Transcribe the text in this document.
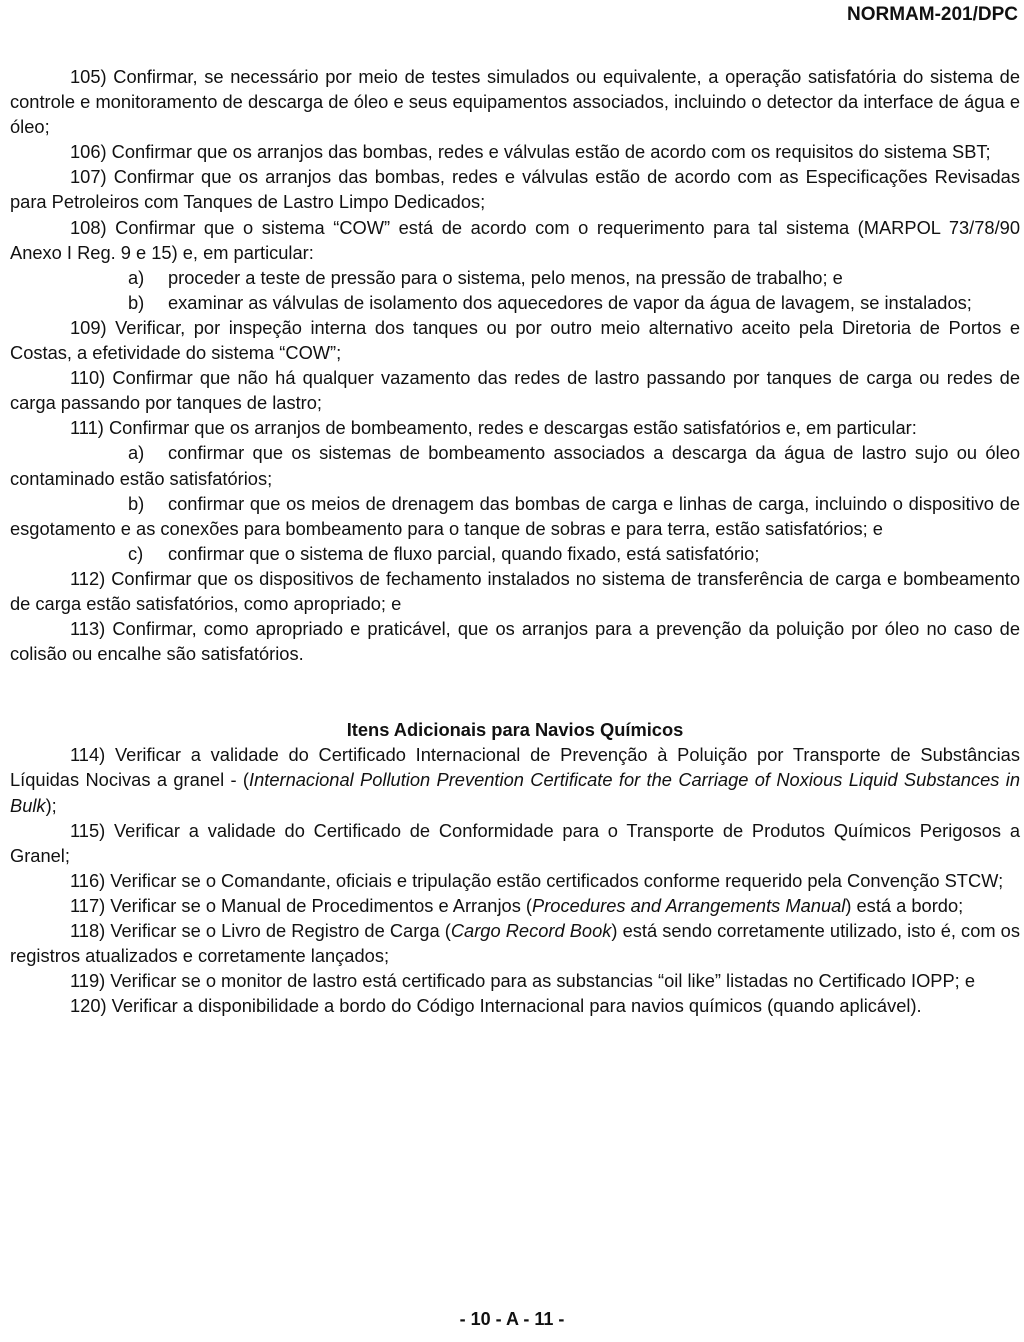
NORMAM-201/DPC

105) Confirmar, se necessário por meio de testes simulados ou equivalente, a operação satisfatória do sistema de controle e monitoramento de descarga de óleo e seus equipamentos associados, incluindo o detector da interface de água e óleo;

106) Confirmar que os arranjos das bombas, redes e válvulas estão de acordo com os requisitos do sistema SBT;

107) Confirmar que os arranjos das bombas, redes e válvulas estão de acordo com as Especificações Revisadas para Petroleiros com Tanques de Lastro Limpo Dedicados;

108) Confirmar que o sistema “COW” está de acordo com o requerimento para tal sistema (MARPOL 73/78/90 Anexo I Reg. 9 e 15) e, em particular:

a) proceder a teste de pressão para o sistema, pelo menos, na pressão de trabalho; e

b) examinar as válvulas de isolamento dos aquecedores de vapor da água de lavagem, se instalados;

109) Verificar, por inspeção interna dos tanques ou por outro meio alternativo aceito pela Diretoria de Portos e Costas, a efetividade do sistema “COW”;

110) Confirmar que não há qualquer vazamento das redes de lastro passando por tanques de carga ou redes de carga passando por tanques de lastro;

111) Confirmar que os arranjos de bombeamento, redes e descargas estão satisfatórios e, em particular:

a) confirmar que os sistemas de bombeamento associados a descarga da água de lastro sujo ou óleo contaminado estão satisfatórios;

b) confirmar que os meios de drenagem das bombas de carga e linhas de carga, incluindo o dispositivo de esgotamento e as conexões para bombeamento para o tanque de sobras e para terra, estão satisfatórios; e

c) confirmar que o sistema de fluxo parcial, quando fixado, está satisfatório;

112) Confirmar que os dispositivos de fechamento instalados no sistema de transferência de carga e bombeamento de carga estão satisfatórios, como apropriado; e

113) Confirmar, como apropriado e praticável, que os arranjos para a prevenção da poluição por óleo no caso de colisão ou encalhe são satisfatórios.

Itens Adicionais para Navios Químicos

114) Verificar a validade do Certificado Internacional de Prevenção à Poluição por Transporte de Substâncias Líquidas Nocivas a granel - (Internacional Pollution Prevention Certificate for the Carriage of Noxious Liquid Substances in Bulk);

115) Verificar a validade do Certificado de Conformidade para o Transporte de Produtos Químicos Perigosos a Granel;

116) Verificar se o Comandante, oficiais e tripulação estão certificados conforme requerido pela Convenção STCW;

117) Verificar se o Manual de Procedimentos e Arranjos (Procedures and Arrangements Manual) está a bordo;

118) Verificar se o Livro de Registro de Carga (Cargo Record Book) está sendo corretamente utilizado, isto é, com os registros atualizados e corretamente lançados;

119) Verificar se o monitor de lastro está certificado para as substancias “oil like” listadas no Certificado IOPP; e

120) Verificar a disponibilidade a bordo do Código Internacional para navios químicos (quando aplicável).

- 10 - A - 11 -
